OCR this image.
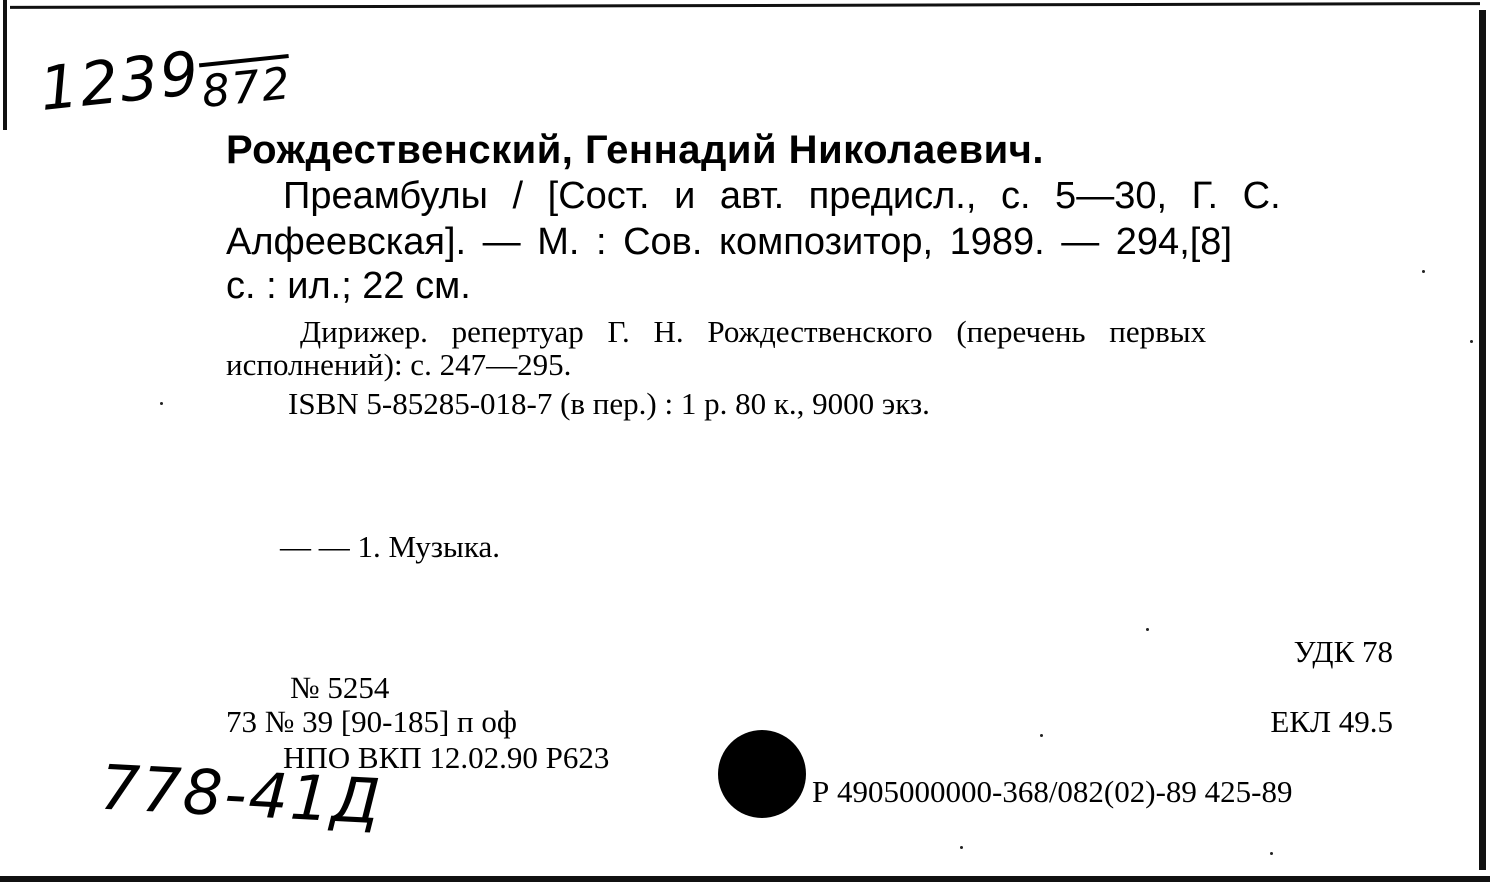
$1239_{872}$
Рождественский, Геннадий Николаевич.
Преамбулы / [Сост. и авт. предисл., с. 5—30, Г. С.
Алфеевская]. — М. : Сов. композитор, 1989. — 294,[8]
с. : ил.; 22 см.
Дирижер. репертуар Г. Н. Рождественского (перечень первых
исполнений): с. 247—295.
ISBN 5-85285-018-7 (в пер.) : 1 р. 80 к., 9000 экз.
— — 1. Музыка.
УДК 78
ЕКЛ 49.5
№ 5254
73 № 39 [90-185] п оф
НПО ВКП 12.02.90 Р623
778-41Д	Р 4905000000-368/082(02)-89 425-89
